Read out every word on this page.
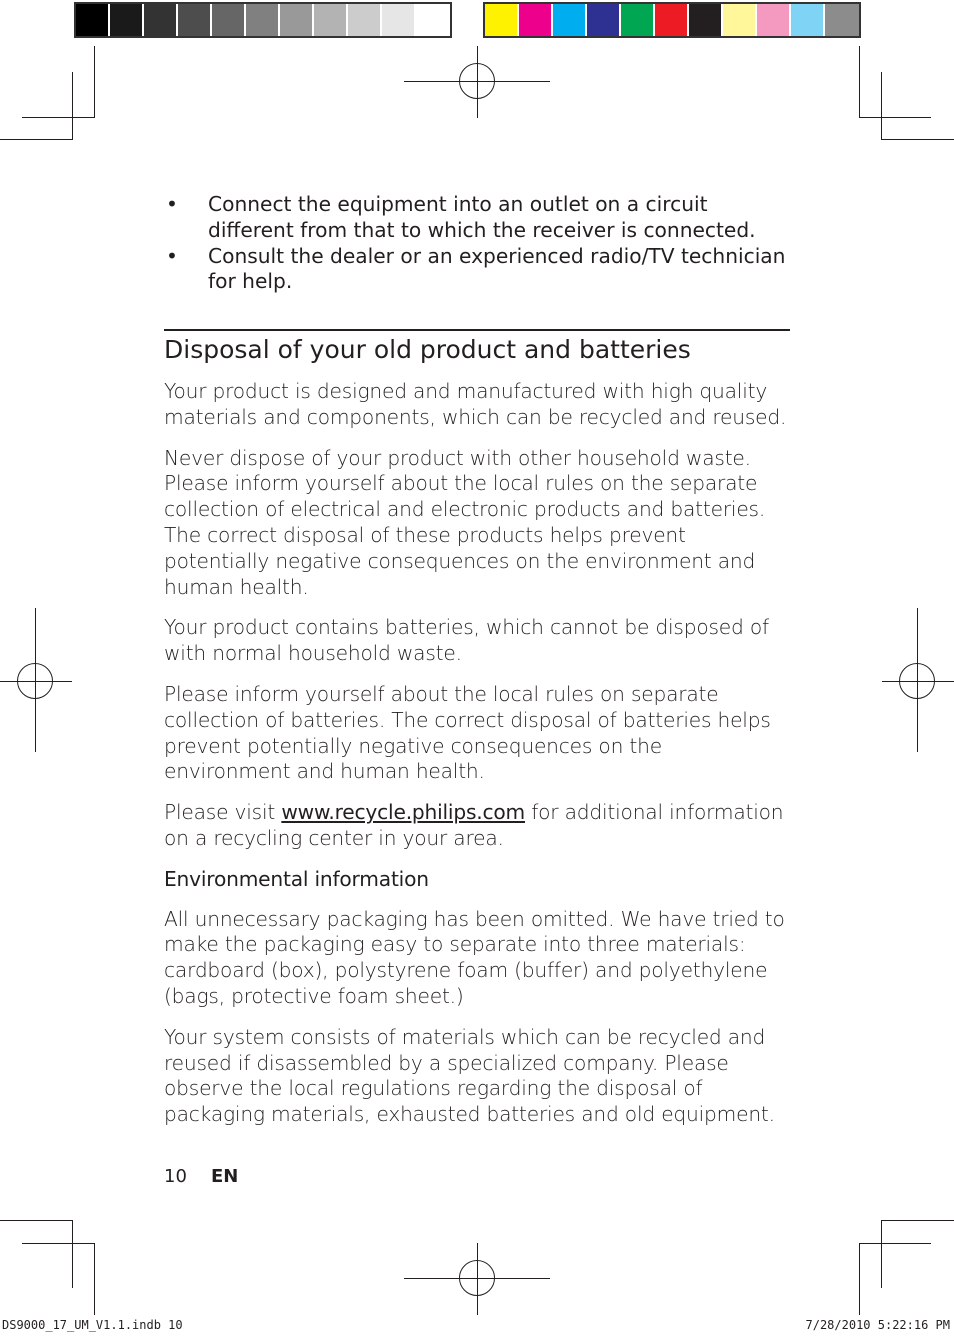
• Connect the equipment into an outlet on a circuit different from that to which the receiver is connected.
• Consult the dealer or an experienced radio/TV technician for help.
Disposal of your old product and batteries

Your product is designed and manufactured with high quality materials and components, which can be recycled and reused.

Never dispose of your product with other household waste. Please inform yourself about the local rules on the separate collection of electrical and electronic products and batteries. The correct disposal of these products helps prevent potentially negative consequences on the environment and human health.

Your product contains batteries, which cannot be disposed of with normal household waste.

Please inform yourself about the local rules on separate collection of batteries. The correct disposal of batteries helps prevent potentially negative consequences on the environment and human health.

Please visit www.recycle.philips.com for additional information on a recycling center in your area.

Environmental information

All unnecessary packaging has been omitted. We have tried to make the packaging easy to separate into three materials: cardboard (box), polystyrene foam (buffer) and polyethylene (bags, protective foam sheet.)

Your system consists of materials which can be recycled and reused if disassembled by a specialized company. Please observe the local regulations regarding the disposal of packaging materials, exhausted batteries and old equipment.

10 EN
DS9000_17_UM_V1.1.indb 10	7/28/2010 5:22:16 PM
